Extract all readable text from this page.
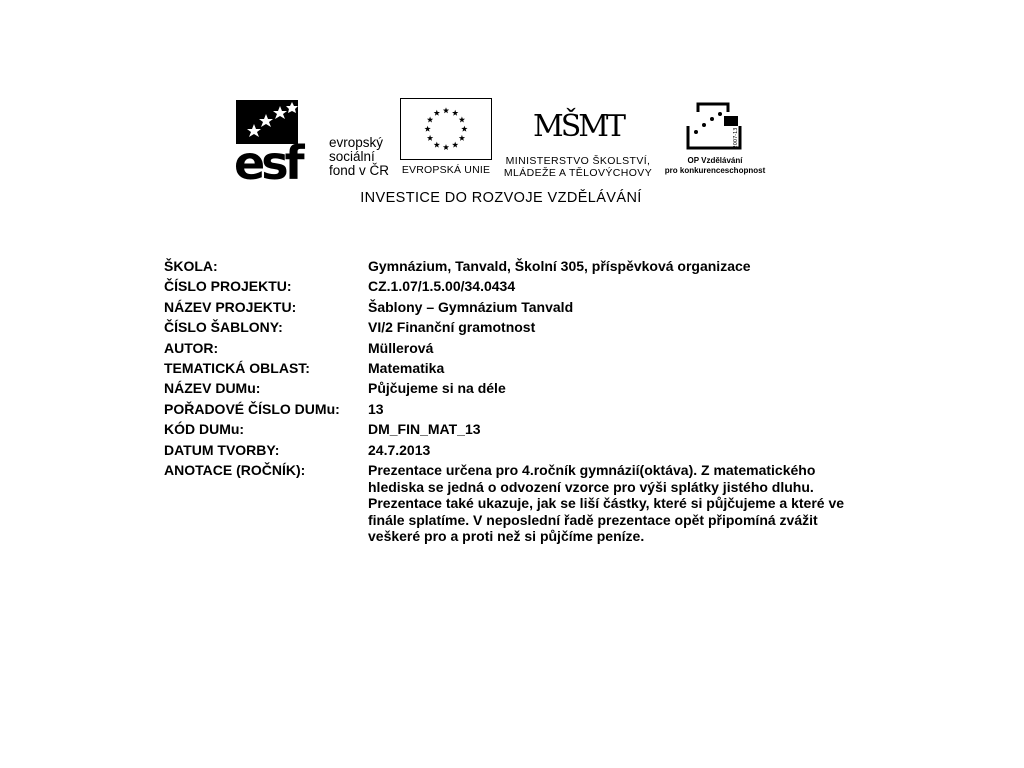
esf	evropský
sociální
fond v ČR EVROPSKÁ UNIE
MŠMT
MINISTERSTVO ŠKOLSTVÍ,
MLÁDEŽE A TĚLOVÝCHOVY
2007-13
OP Vzdělávání
pro konkurenceschopnost
INVESTICE DO ROZVOJE VZDĚLÁVÁNÍ
ŠKOLA:	Gymnázium, Tanvald, Školní 305, příspěvková organizace
ČÍSLO PROJEKTU:	CZ.1.07/1.5.00/34.0434
NÁZEV PROJEKTU:	Šablony – Gymnázium Tanvald
ČÍSLO ŠABLONY:	VI/2 Finanční gramotnost
AUTOR:	Müllerová
TEMATICKÁ OBLAST:	Matematika
NÁZEV DUMu:	Půjčujeme si na déle
POŘADOVÉ ČÍSLO DUMu:	13
KÓD DUMu:	DM_FIN_MAT_13
DATUM TVORBY:	24.7.2013
ANOTACE (ROČNÍK):	Prezentace určena pro 4.ročník gymnázií(oktáva). Z matematického hlediska se jedná o odvození vzorce pro výši splátky jistého dluhu. Prezentace také ukazuje, jak se liší částky, které si půjčujeme a které ve finále splatíme. V neposlední řadě prezentace opět připomíná zvážit veškeré pro a proti než si půjčíme peníze.
